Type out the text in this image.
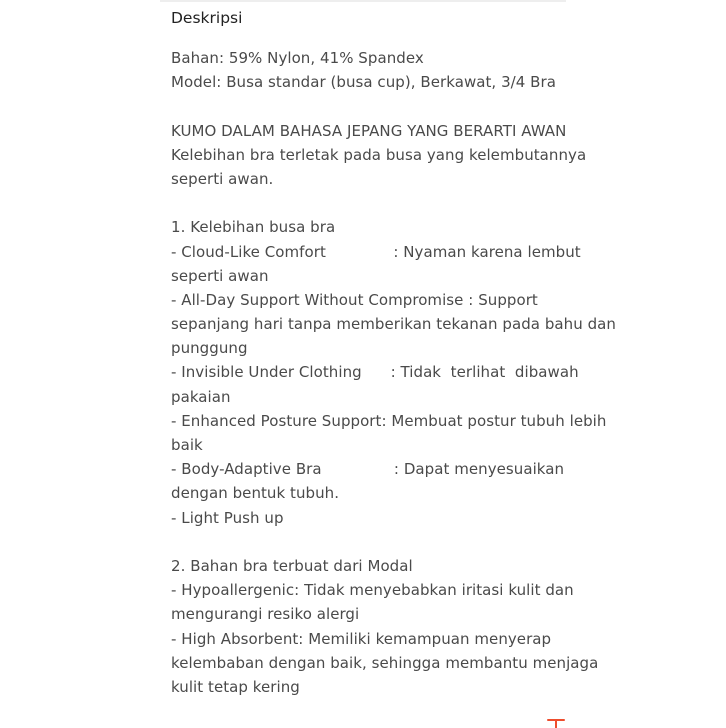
Deskripsi
Bahan: 59% Nylon, 41% Spandex
Model: Busa standar (busa cup), Berkawat, 3/4 Bra
KUMO DALAM BAHASA JEPANG YANG BERARTI AWAN
Kelebihan bra terletak pada busa yang kelembutannya
seperti awan.
1. Kelebihan busa bra
- Cloud-Like Comfort              : Nyaman karena lembut
seperti awan
- All-Day Support Without Compromise : Support
sepanjang hari tanpa memberikan tekanan pada bahu dan
punggung
- Invisible Under Clothing      : Tidak  terlihat  dibawah
pakaian
- Enhanced Posture Support: Membuat postur tubuh lebih
baik
- Body-Adaptive Bra               : Dapat menyesuaikan
dengan bentuk tubuh.
- Light Push up
2. Bahan bra terbuat dari Modal
- Hypoallergenic: Tidak menyebabkan iritasi kulit dan
mengurangi resiko alergi
- High Absorbent: Memiliki kemampuan menyerap
kelembaban dengan baik, sehingga membantu menjaga
kulit tetap kering
